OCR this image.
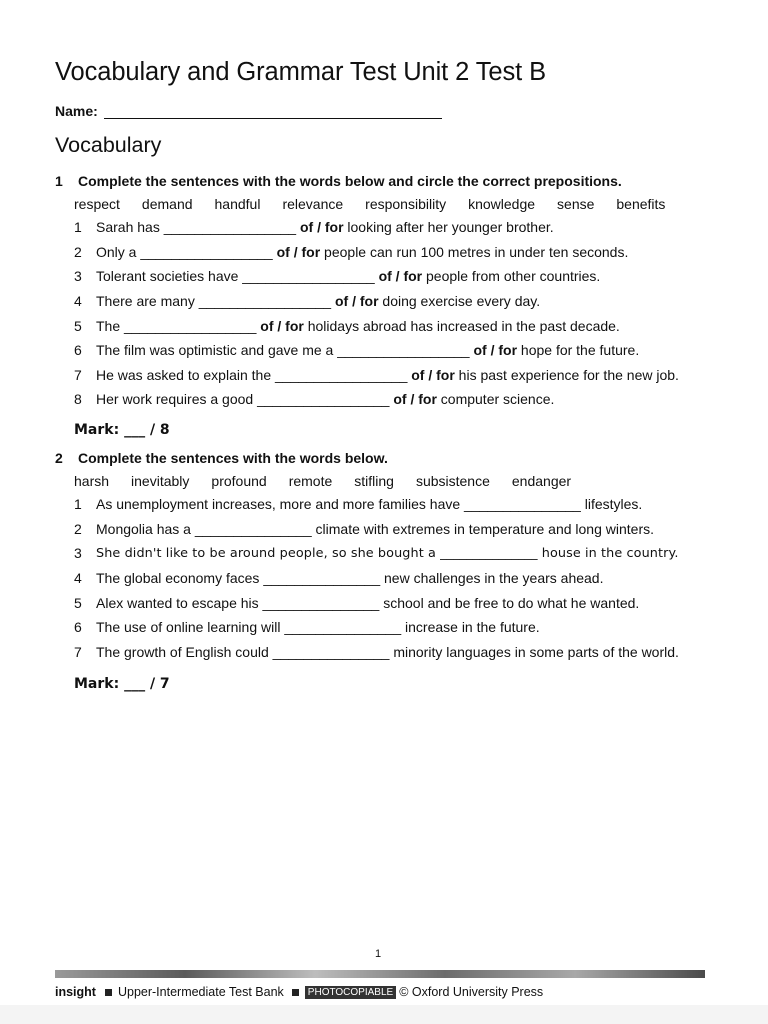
Vocabulary and Grammar Test Unit 2 Test B
Name:
Vocabulary
1	Complete the sentences with the words below and circle the correct prepositions.
respect demand handful relevance responsibility knowledge sense benefits
1	Sarah has _________________ of / for looking after her younger brother.
2	Only a _________________ of / for people can run 100 metres in under ten seconds.
3	Tolerant societies have _________________ of / for people from other countries.
4	There are many _________________ of / for doing exercise every day.
5	The _________________ of / for holidays abroad has increased in the past decade.
6	The film was optimistic and gave me a _________________ of / for hope for the future.
7	He was asked to explain the _________________ of / for his past experience for the new job.
8	Her work requires a good _________________ of / for computer science.
Mark: ___ / 8
2	Complete the sentences with the words below.
harsh inevitably profound remote stifling subsistence endanger
1	As unemployment increases, more and more families have _______________ lifestyles.
2	Mongolia has a _______________ climate with extremes in temperature and long winters.
3	She didn't like to be around people, so she bought a _______________ house in the country.
4	The global economy faces _______________ new challenges in the years ahead.
5	Alex wanted to escape his _______________ school and be free to do what he wanted.
6	The use of online learning will _______________ increase in the future.
7	The growth of English could _______________ minority languages in some parts of the world.
Mark: ___ / 7
1
insight Upper-Intermediate Test Bank	PHOTOCOPIABLE © Oxford University Press
